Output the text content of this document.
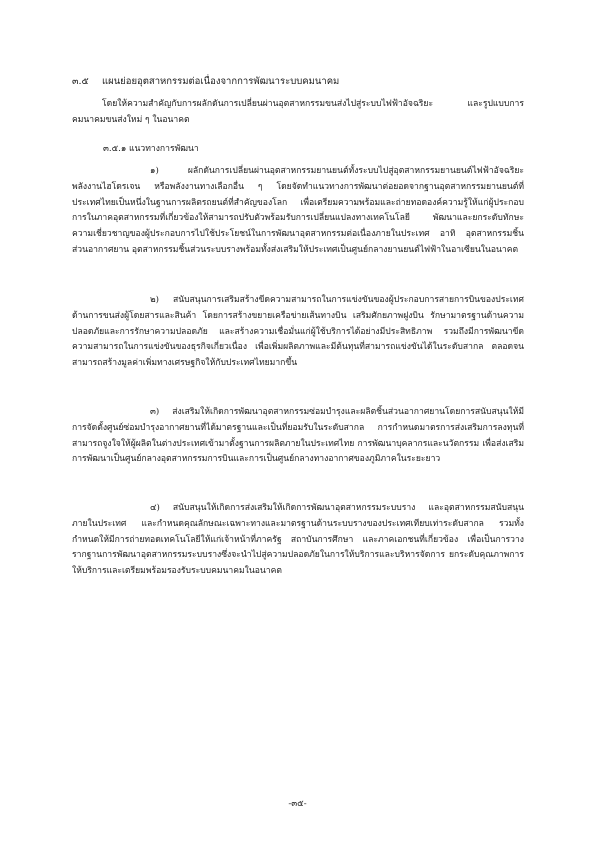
๓.๕ แผนย่อยอุตสาหกรรมต่อเนื่องจากการพัฒนาระบบคมนาคม

โดยให้ความสำคัญกับการผลักดันการเปลี่ยนผ่านอุตสาหกรรมขนส่งไปสู่ระบบไฟฟ้าอัจฉริยะ และรูปแบบการคมนาคมขนส่งใหม่ ๆ ในอนาคต

๓.๕.๑ แนวทางการพัฒนา

๑) ผลักดันการเปลี่ยนผ่านอุตสาหกรรมยานยนต์ทั้งระบบไปสู่อุตสาหกรรมยานยนต์ไฟฟ้าอัจฉริยะ พลังงานไฮโดรเจน หรือพลังงานทางเลือกอื่น ๆ โดยจัดทำแนวทางการพัฒนาต่อยอดจากฐานอุตสาหกรรมยานยนต์ที่ประเทศไทยเป็นหนึ่งในฐานการผลิตรถยนต์ที่สำคัญของโลก เพื่อเตรียมความพร้อมและถ่ายทอดองค์ความรู้ให้แก่ผู้ประกอบการในภาคอุตสาหกรรมที่เกี่ยวข้องให้สามารถปรับตัวพร้อมรับการเปลี่ยนแปลงทางเทคโนโลยี พัฒนาและยกระดับทักษะความเชี่ยวชาญของผู้ประกอบการไปใช้ประโยชน์ในการพัฒนาอุตสาหกรรมต่อเนื่องภายในประเทศ อาทิ อุตสาหกรรมชิ้นส่วนอากาศยาน อุตสาหกรรมชิ้นส่วนระบบรางพร้อมทั้งส่งเสริมให้ประเทศเป็นศูนย์กลางยานยนต์ไฟฟ้าในอาเซียนในอนาคต

๒) สนับสนุนการเสริมสร้างขีดความสามารถในการแข่งขันของผู้ประกอบการสายการบินของประเทศด้านการขนส่งผู้โดยสารและสินค้า โดยการสร้างขยายเครือข่ายเส้นทางบิน เสริมศักยภาพฝูงบิน รักษามาตรฐานด้านความปลอดภัยและการรักษาความปลอดภัย และสร้างความเชื่อมั่นแก่ผู้ใช้บริการได้อย่างมีประสิทธิภาพ รวมถึงมีการพัฒนาขีดความสามารถในการแข่งขันของธุรกิจเกี่ยวเนื่อง เพื่อเพิ่มผลิตภาพและมีต้นทุนที่สามารถแข่งขันได้ในระดับสากล ตลอดจนสามารถสร้างมูลค่าเพิ่มทางเศรษฐกิจให้กับประเทศไทยมากขึ้น

๓) ส่งเสริมให้เกิดการพัฒนาอุตสาหกรรมซ่อมบำรุงและผลิตชิ้นส่วนอากาศยานโดยการสนับสนุนให้มีการจัดตั้งศูนย์ซ่อมบำรุงอากาศยานที่ได้มาตรฐานและเป็นที่ยอมรับในระดับสากล การกำหนดมาตรการส่งเสริมการลงทุนที่สามารถจูงใจให้ผู้ผลิตในต่างประเทศเข้ามาตั้งฐานการผลิตภายในประเทศไทย การพัฒนาบุคลากรและนวัตกรรม เพื่อส่งเสริมการพัฒนาเป็นศูนย์กลางอุตสาหกรรมการบินและการเป็นศูนย์กลางทางอากาศของภูมิภาคในระยะยาว

๔) สนับสนุนให้เกิดการส่งเสริมให้เกิดการพัฒนาอุตสาหกรรมระบบราง และอุตสาหกรรมสนับสนุนภายในประเทศ และกำหนดคุณลักษณะเฉพาะทางและมาตรฐานด้านระบบรางของประเทศเทียบเท่าระดับสากล รวมทั้งกำหนดให้มีการถ่ายทอดเทคโนโลยีให้แก่เจ้าหน้าที่ภาครัฐ สถาบันการศึกษา และภาคเอกชนที่เกี่ยวข้อง เพื่อเป็นการวางรากฐานการพัฒนาอุตสาหกรรมระบบรางซึ่งจะนำไปสู่ความปลอดภัยในการให้บริการและบริหารจัดการ ยกระดับคุณภาพการให้บริการและเตรียมพร้อมรองรับระบบคมนาคมในอนาคต

-๓๕-
